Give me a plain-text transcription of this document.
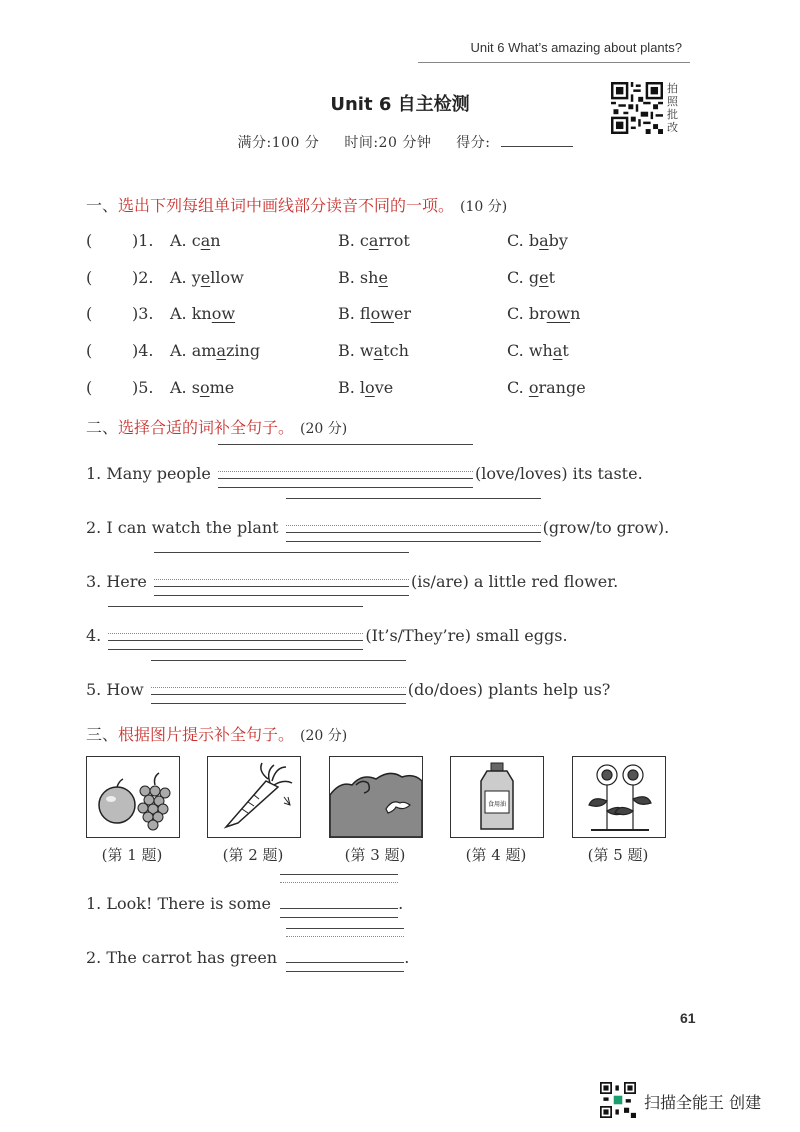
Unit 6 What’s amazing about plants?
拍照批改
Unit 6 自主检测
满分:100 分 时间:20 分钟 得分:
一、选出下列每组单词中画线部分读音不同的一项。 (10 分)
( )1. A. can	B. carrot	C. baby
( )2. A. yellow	B. she	C. get
( )3. A. know	B. flower	C. brown
( )4. A. amazing	B. watch	C. what
( )5. A. some	B. love	C. orange
二、选择合适的词补全句子。 (20 分)
1. Many people	(love/loves) its taste.
2. I can watch the plant	(grow/to grow).
3. Here	(is/are) a little red flower.
4.	(It’s/They’re) small eggs.
5. How	(do/does) plants help us?
三、根据图片提示补全句子。 (20 分)
食用油
(第 1 题)	(第 2 题)	(第 3 题)	(第 4 题)	(第 5 题)
1. Look! There is some	.
2. The carrot has green	.
61
扫描全能王 创建
